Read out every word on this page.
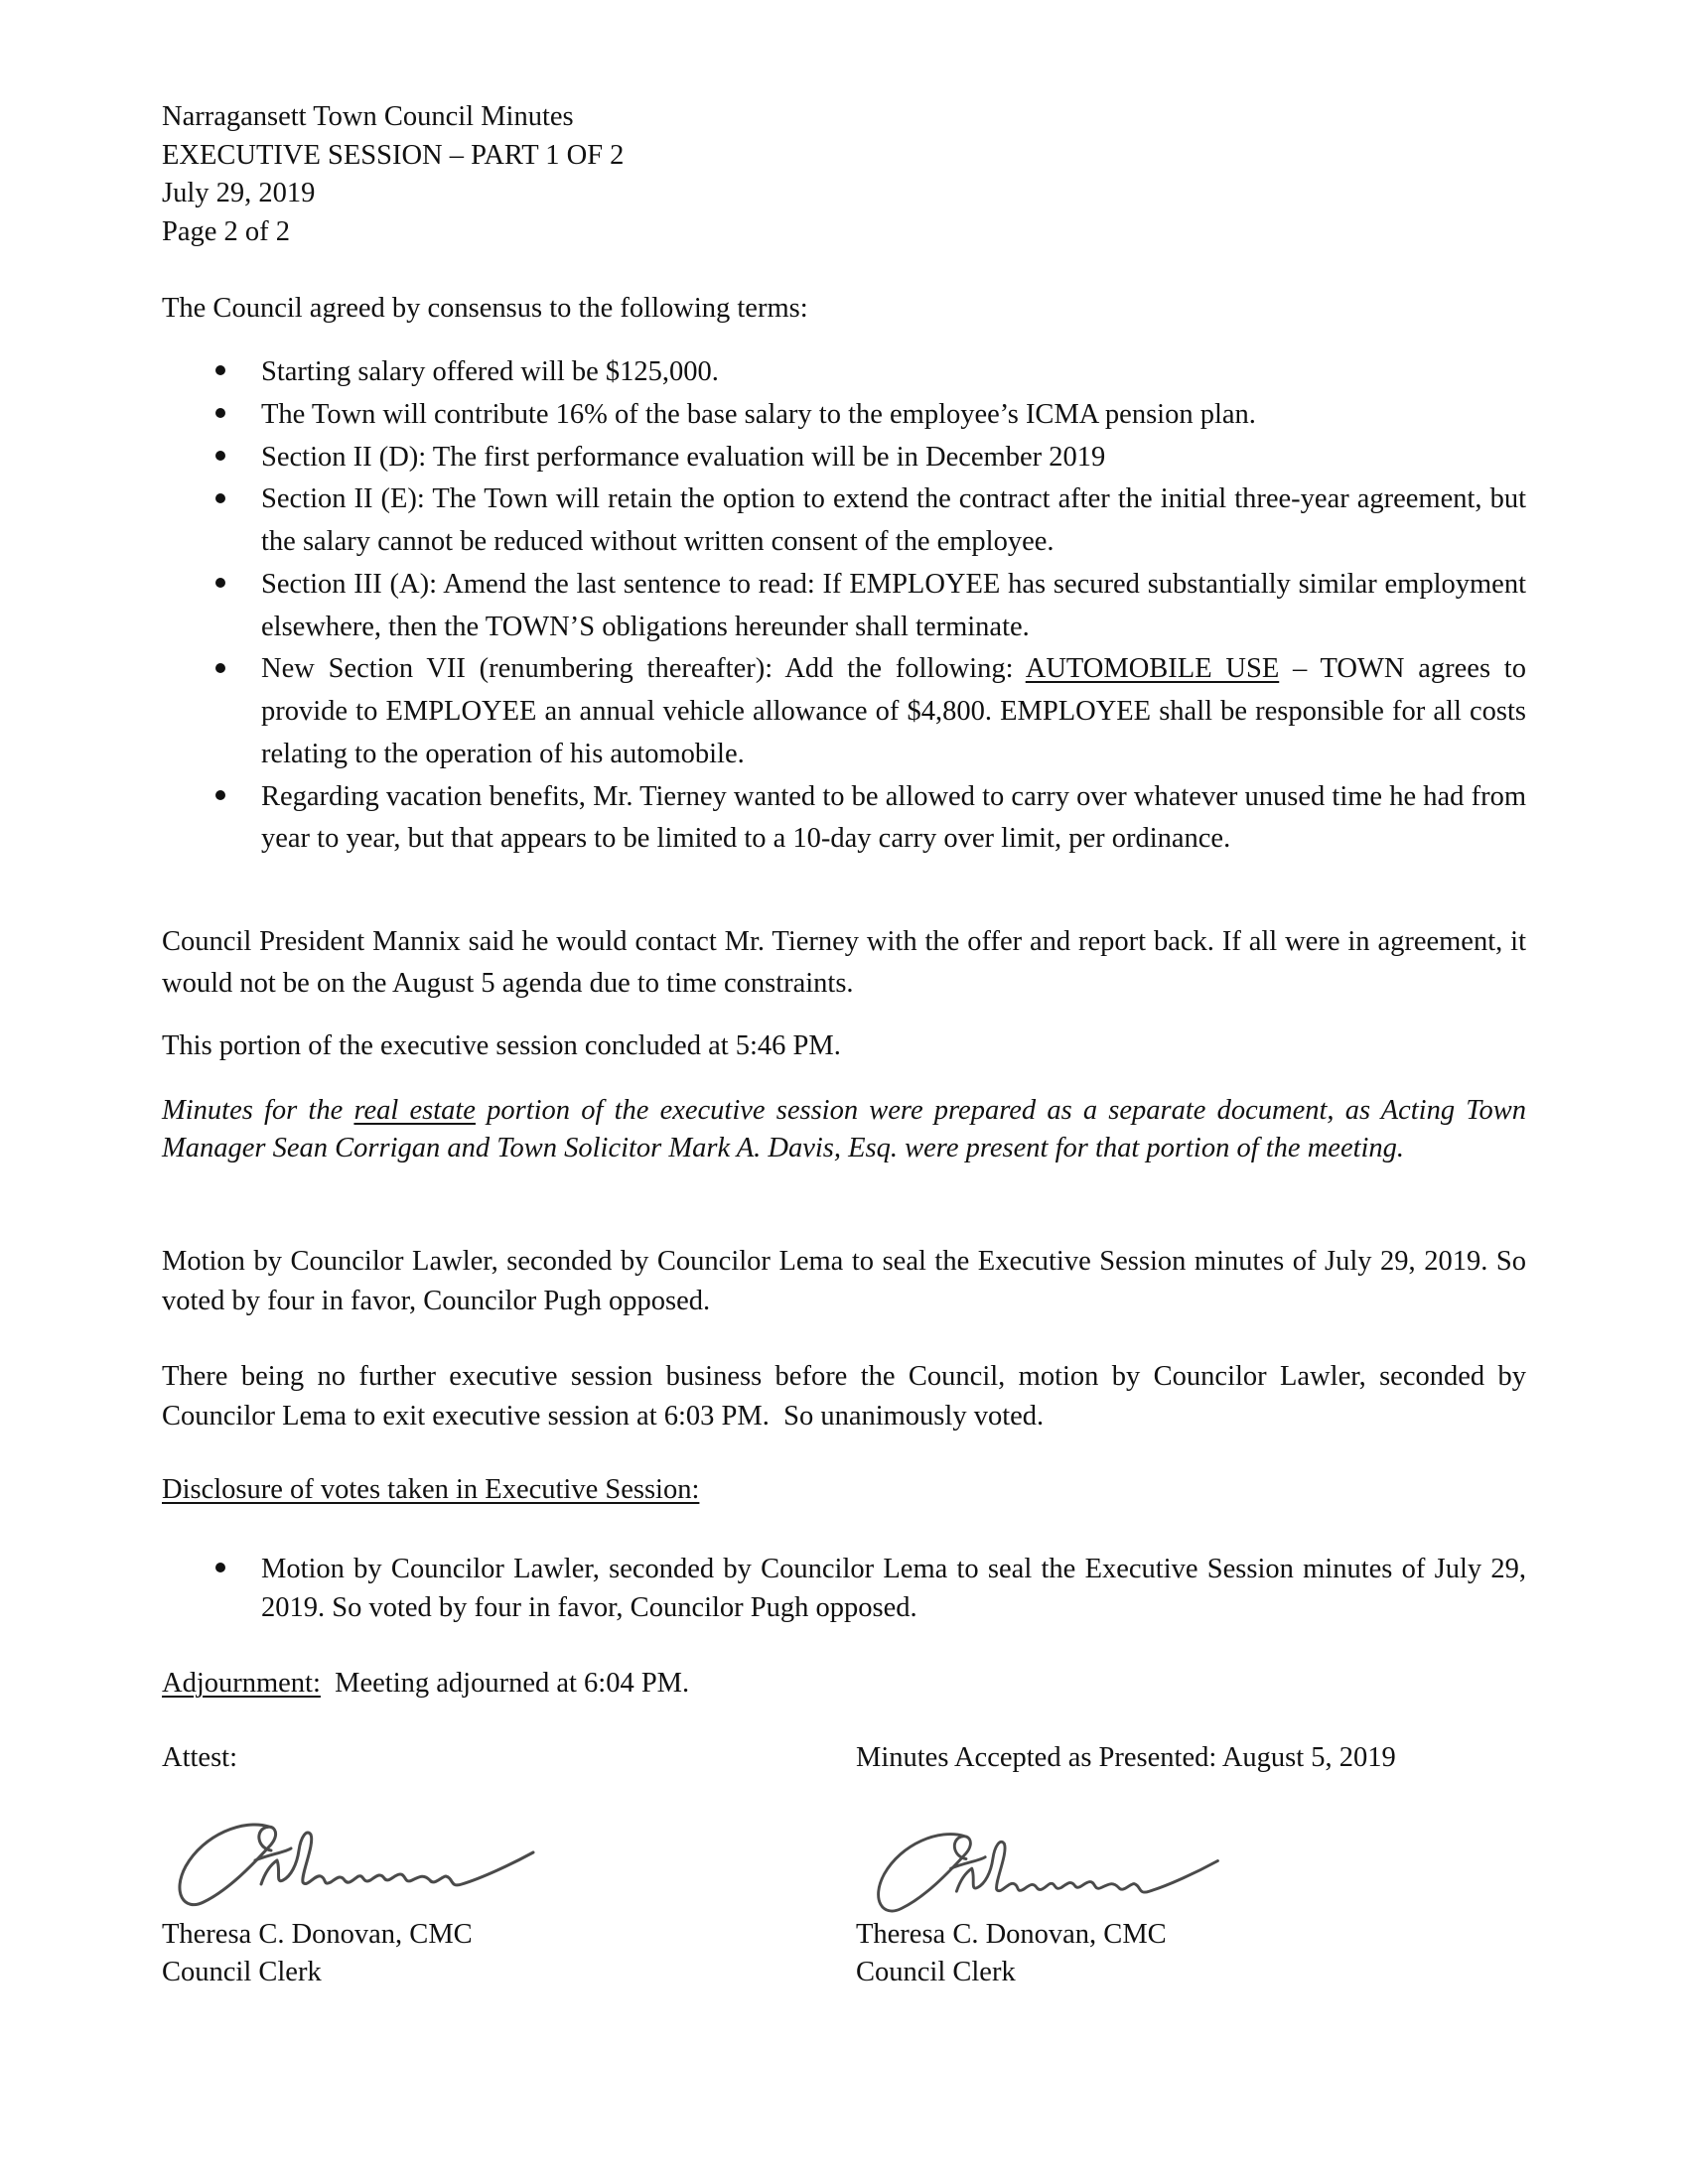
Narragansett Town Council Minutes
EXECUTIVE SESSION – PART 1 OF 2
July 29, 2019
Page 2 of 2

The Council agreed by consensus to the following terms:

Starting salary offered will be $125,000.
The Town will contribute 16% of the base salary to the employee’s ICMA pension plan.
Section II (D): The first performance evaluation will be in December 2019
Section II (E): The Town will retain the option to extend the contract after the initial three-year agreement, but the salary cannot be reduced without written consent of the employee.
Section III (A): Amend the last sentence to read: If EMPLOYEE has secured substantially similar employment elsewhere, then the TOWN’S obligations hereunder shall terminate.
New Section VII (renumbering thereafter): Add the following: AUTOMOBILE USE – TOWN agrees to provide to EMPLOYEE an annual vehicle allowance of $4,800. EMPLOYEE shall be responsible for all costs relating to the operation of his automobile.
Regarding vacation benefits, Mr. Tierney wanted to be allowed to carry over whatever unused time he had from year to year, but that appears to be limited to a 10-day carry over limit, per ordinance.

Council President Mannix said he would contact Mr. Tierney with the offer and report back. If all were in agreement, it would not be on the August 5 agenda due to time constraints.

This portion of the executive session concluded at 5:46 PM.

Minutes for the real estate portion of the executive session were prepared as a separate document, as Acting Town Manager Sean Corrigan and Town Solicitor Mark A. Davis, Esq. were present for that portion of the meeting.

Motion by Councilor Lawler, seconded by Councilor Lema to seal the Executive Session minutes of July 29, 2019. So voted by four in favor, Councilor Pugh opposed.

There being no further executive session business before the Council, motion by Councilor Lawler, seconded by Councilor Lema to exit executive session at 6:03 PM.  So unanimously voted.

Disclosure of votes taken in Executive Session:

Motion by Councilor Lawler, seconded by Councilor Lema to seal the Executive Session minutes of July 29, 2019. So voted by four in favor, Councilor Pugh opposed.

Adjournment:  Meeting adjourned at 6:04 PM.

Attest:	Minutes Accepted as Presented: August 5, 2019
Theresa C. Donovan, CMC
Council Clerk
Theresa C. Donovan, CMC
Council Clerk
